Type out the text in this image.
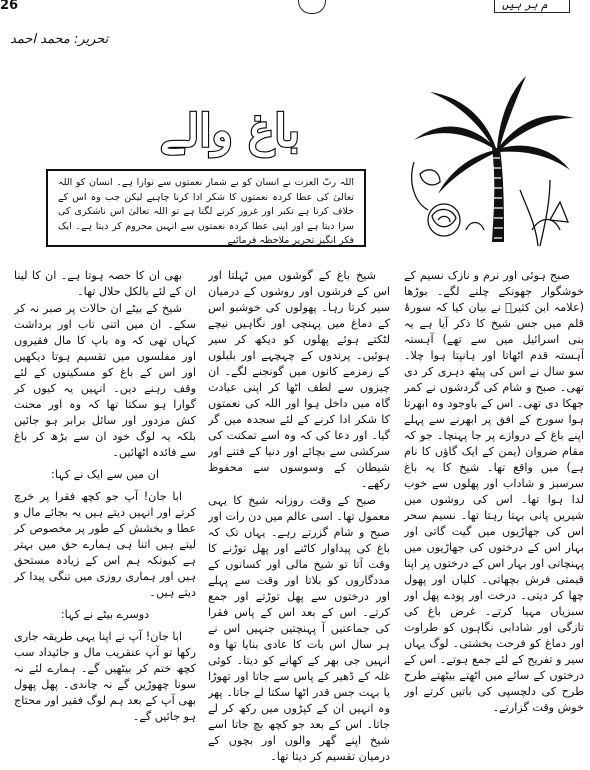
26	م ہر ہیں
تحریر: محمد احمد
باغ والے

اللہ ربّ العزت نے انسان کو بے شمار نعمتوں سے نوازا ہے۔ انسان کو اللہ تعالیٰ کی عطا کردہ نعمتوں کا شکر ادا کرنا چاہیے لیکن جب وہ اس کے خلاف کرتا ہے تکبر اور غرور کرنے لگتا ہے تو اللہ تعالیٰ اس ناشکری کی سزا دیتا ہے اور اپنی عطا کردہ نعمتوں سے انہیں محروم کر دیتا ہے۔ ایک فکر انگیز تحریر ملاحظہ فرمائیے

صبح ہوئی اور نرم و نازک نسیم کے خوشگوار جھونکے چلنے لگے۔ بوڑھا (علامہ ابن کثیرؒ نے بیان کیا کہ سورۂ قلم میں جس شیخ کا ذکر آیا ہے یہ بنی اسرائیل میں سے تھے) آہستہ آہستہ قدم اٹھاتا اور ہانپتا ہوا چلا۔ سو سال نے اس کی پیٹھ دہری کر دی تھی۔ صبح و شام کی گردشوں نے کمر جھکا دی تھی۔ اس کے باوجود وہ ابھرتا ہوا سورج کے افق پر ابھرنے سے پہلے اپنے باغ کے دروازے پر جا پہنچا۔ جو کہ مقام ضروان (یمن کے ایک گاؤں کا نام ہے) میں واقع تھا۔ شیخ کا یہ باغ سرسبز و شاداب اور پھلوں سے خوب لدا ہوا تھا۔ اس کی روشوں میں شیریں پانی بہتا رہتا تھا۔ نسیم سحر اس کی جھاڑیوں میں گیت گاتی اور بہار اس کے درختوں کی جھاڑیوں میں پہنچاتی اور بہار اس کے درختوں پر اپنا قیمتی فرش بچھاتی۔ کلیاں اور پھول چھا کر دیتی۔ درخت اور پودے پھل اور سبزیاں مہیا کرتے۔ غرض باغ کی تازگی اور شادابی نگاہوں کو طراوت اور دماغ کو فرحت بخشتی۔ لوگ یہاں سیر و تفریح کے لئے جمع ہوتے۔ اس کے درختوں کے سائے میں اٹھتے بیٹھتے طرح طرح کی دلچسپی کی باتیں کرتے اور خوش وقت گزارتے۔

شیخ باغ کے گوشوں میں ٹہلتا اور اس کے فرشوں اور روشوں کے درمیان سیر کرتا رہا۔ پھولوں کی خوشبو اس کے دماغ میں پہنچی اور نگاہیں نیچے لٹکتے ہوئے پھلوں کو دیکھ کر سیر ہوئیں۔ پرندوں کے چہچہے اور بلبلوں کے زمزمے کانوں میں گونجنے لگے۔ ان چیزوں سے لطف اٹھا کر اپنی عبادت گاہ میں داخل ہوا اور اللہ کی نعمتوں کا شکر ادا کرنے کے لئے سجدہ میں گر گیا۔ اور دعا کی کہ وہ اسے تمکنت کی سرکشی سے بچائے اور دنیا کے فتنے اور شیطان کے وسوسوں سے محفوظ رکھے۔

صبح کے وقت روزانہ شیخ کا یہی معمول تھا۔ اسی عالم میں دن رات اور صبح و شام گزرتے رہے۔ یہاں تک کہ باغ کی پیداوار کاٹنے اور پھل توڑنے کا وقت آتا تو شیخ مالی اور کسانوں کے مددگاروں کو بلاتا اور وقت سے پہلے اور درختوں سے پھل توڑتے اور جمع کرتے۔ اس کے بعد اس کے پاس فقرا کی جماعتیں آ پہنچتیں جنہیں اس نے ہر سال اس بات کا عادی بنایا تھا وہ انہیں جی بھر کے کھانے کو دیتا۔ کوئی غلہ کے ڈھیر کے پاس سے جاتا اور تھوڑا یا بہت جس قدر اٹھا سکتا لے جاتا۔ پھر وہ انہیں ان کے کپڑوں میں رکھ کر لے جاتا۔ اس کے بعد جو کچھ بچ جاتا اسے شیخ اپنے گھر والوں اور بچوں کے درمیان تقسیم کر دیتا تھا۔

بھی ان کا حصہ ہوتا ہے۔ ان کا لینا ان کے لئے بالکل حلال تھا۔

شیخ کے بیٹے ان حالات پر صبر نہ کر سکے۔ ان میں اتنی تاب اور برداشت کہاں تھی کہ وہ باپ کا مال فقیروں اور مفلسوں میں تقسیم ہوتا دیکھیں اور اس کے باغ کو مسکینوں کے لئے وقف رہنے دیں۔ انہیں یہ کیوں کر گوارا ہو سکتا تھا کہ وہ اور محنت کش مزدور اور سائل برابر ہو جائیں بلکہ یہ لوگ خود ان سے بڑھ کر باغ سے فائدہ اٹھائیں۔

ان میں سے ایک نے کہا:

ابا جان! آپ جو کچھ فقرا پر خرچ کرتے اور انہیں دیتے ہیں یہ بجائے مال و عطا و بخشش کے طور پر مخصوص کر لیتے ہیں اتنا ہی ہمارے حق میں بہتر ہے کیونکہ ہم اس کے زیادہ مستحق ہیں اور ہماری روزی میں تنگی پیدا کر دیتے ہیں۔

دوسرے بیٹے نے کہا:

ابا جان! آپ نے اپنا یہی طریقہ جاری رکھا تو آپ عنقریب مال و جائیداد سب کچھ ختم کر بیٹھیں گے۔ ہمارے لئے نہ سونا چھوڑیں گے نہ چاندی۔ پھل پھول بھی آپ کے بعد ہم لوگ فقیر اور محتاج ہو جائیں گے۔
